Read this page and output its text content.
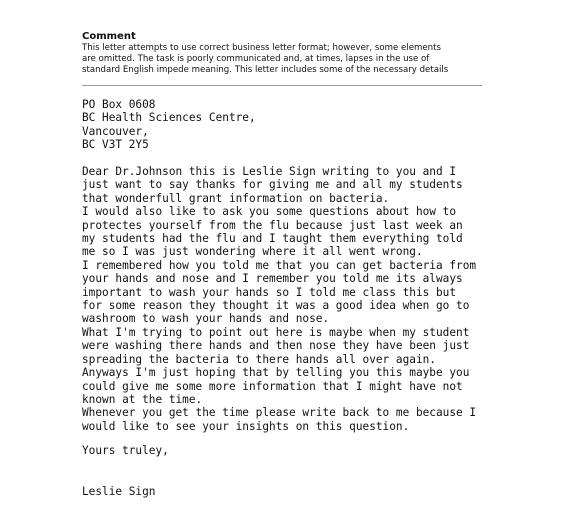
Comment

This letter attempts to use correct business letter format; however, some elements

are omitted. The task is poorly communicated and, at times, lapses in the use of

standard English impede meaning. This letter includes some of the necessary details

PO Box 0608

BC Health Sciences Centre,

Vancouver,

BC V3T 2Y5

Dear Dr.Johnson this is Leslie Sign writing to you and I

just want to say thanks for giving me and all my students

that wonderfull grant information on bacteria.

I would also like to ask you some questions about how to

protectes yourself from the flu because just last week an

my students had the flu and I taught them everything told

me so I was just wondering where it all went wrong.

I remembered how you told me that you can get bacteria from

your hands and nose and I remember you told me its always

important to wash your hands so I told me class this but

for some reason they thought it was a good idea when go to

washroom to wash your hands and nose.

What I'm trying to point out here is maybe when my student

were washing there hands and then nose they have been just

spreading the bacteria to there hands all over again.

Anyways I'm just hoping that by telling you this maybe you

could give me some more information that I might have not

known at the time.

Whenever you get the time please write back to me because I

would like to see your insights on this question.

Yours truley,

Leslie Sign
